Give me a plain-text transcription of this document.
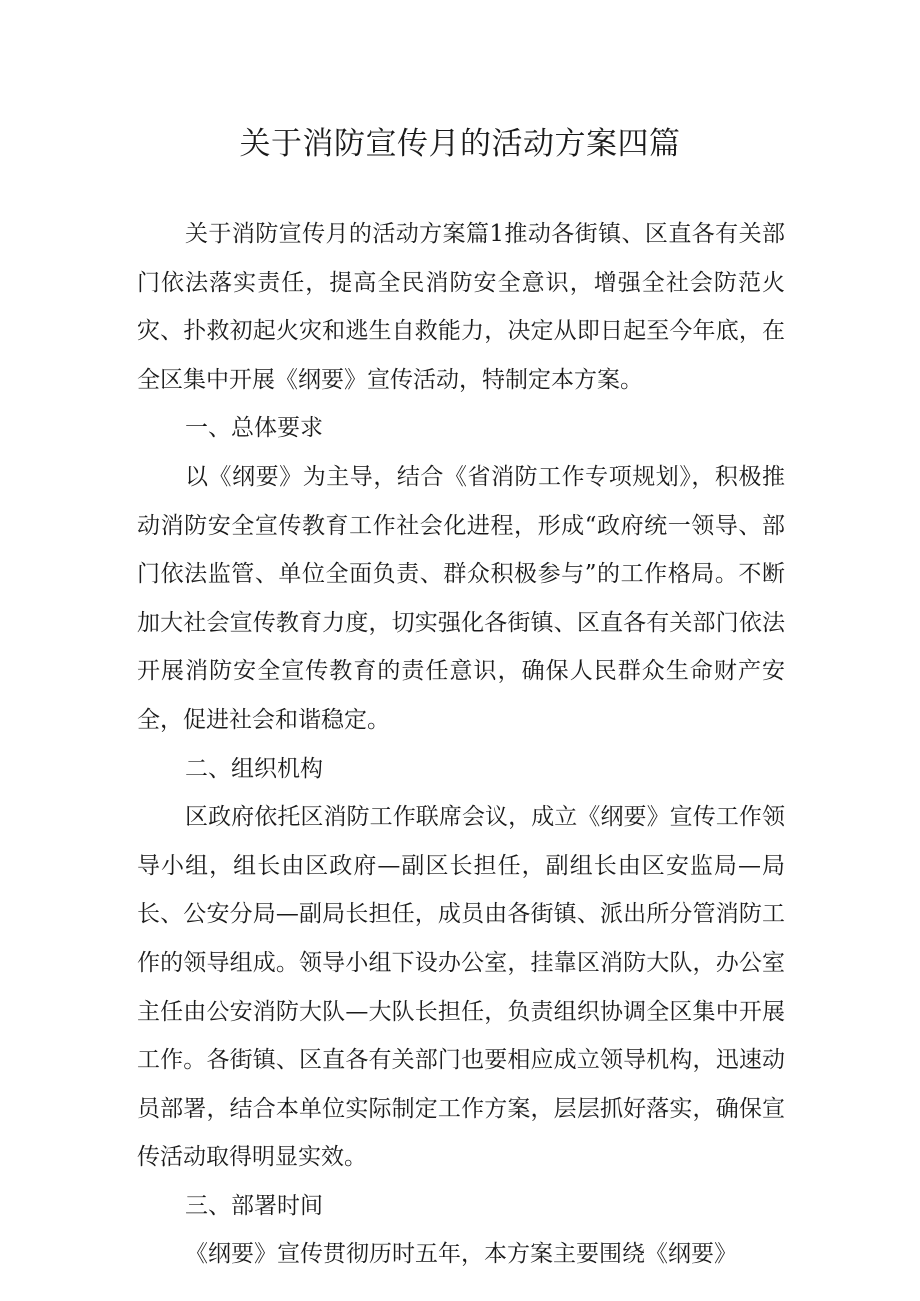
关于消防宣传月的活动方案四篇

关于消防宣传月的活动方案篇1推动各街镇、区直各有关部门依法落实责任，提高全民消防安全意识，增强全社会防范火灾、扑救初起火灾和逃生自救能力，决定从即日起至今年底，在全区集中开展《纲要》宣传活动，特制定本方案。

一、总体要求

以《纲要》为主导，结合《省消防工作专项规划》，积极推动消防安全宣传教育工作社会化进程，形成“政府统一领导、部门依法监管、单位全面负责、群众积极参与”的工作格局。不断加大社会宣传教育力度，切实强化各街镇、区直各有关部门依法开展消防安全宣传教育的责任意识，确保人民群众生命财产安全，促进社会和谐稳定。

二、组织机构

区政府依托区消防工作联席会议，成立《纲要》宣传工作领导小组，组长由区政府—副区长担任，副组长由区安监局—局长、公安分局—副局长担任，成员由各街镇、派出所分管消防工作的领导组成。领导小组下设办公室，挂靠区消防大队，办公室主任由公安消防大队—大队长担任，负责组织协调全区集中开展工作。各街镇、区直各有关部门也要相应成立领导机构，迅速动员部署，结合本单位实际制定工作方案，层层抓好落实，确保宣传活动取得明显实效。

三、部署时间

《纲要》宣传贯彻历时五年，本方案主要围绕《纲要》
